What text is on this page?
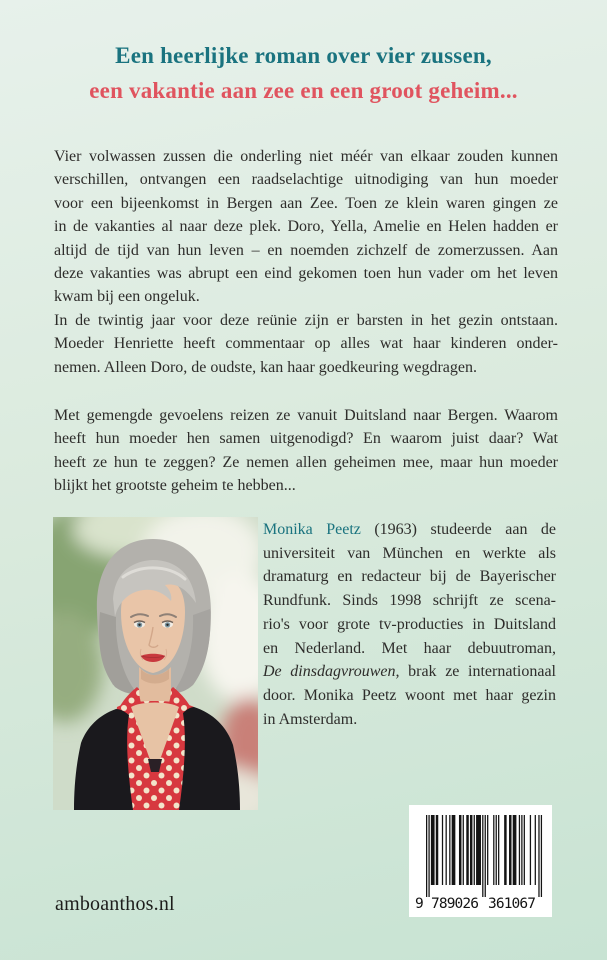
Een heerlijke roman over vier zussen,
een vakantie aan zee en een groot geheim...
Vier volwassen zussen die onderling niet méér van elkaar zouden kunnen
verschillen, ontvangen een raadselachtige uitnodiging van hun moeder
voor een bijeenkomst in Bergen aan Zee. Toen ze klein waren gingen ze
in de vakanties al naar deze plek. Doro, Yella, Amelie en Helen hadden er
altijd de tijd van hun leven – en noemden zichzelf de zomerzussen. Aan
deze vakanties was abrupt een eind gekomen toen hun vader om het leven
kwam bij een ongeluk.
In de twintig jaar voor deze reünie zijn er barsten in het gezin ontstaan.
Moeder Henriette heeft commentaar op alles wat haar kinderen onder-
nemen. Alleen Doro, de oudste, kan haar goedkeuring wegdragen.
Met gemengde gevoelens reizen ze vanuit Duitsland naar Bergen. Waarom
heeft hun moeder hen samen uitgenodigd? En waarom juist daar? Wat
heeft ze hun te zeggen? Ze nemen allen geheimen mee, maar hun moeder
blijkt het grootste geheim te hebben...
Monika Peetz (1963) studeerde aan de
universiteit van München en werkte als
dramaturg en redacteur bij de Bayerischer
Rundfunk. Sinds 1998 schrijft ze scena-
rio's voor grote tv-producties in Duitsland
en Nederland. Met haar debuutroman,
De dinsdagvrouwen, brak ze internationaal
door. Monika Peetz woont met haar gezin
in Amsterdam.
amboanthos.nl	9 789026 361067
